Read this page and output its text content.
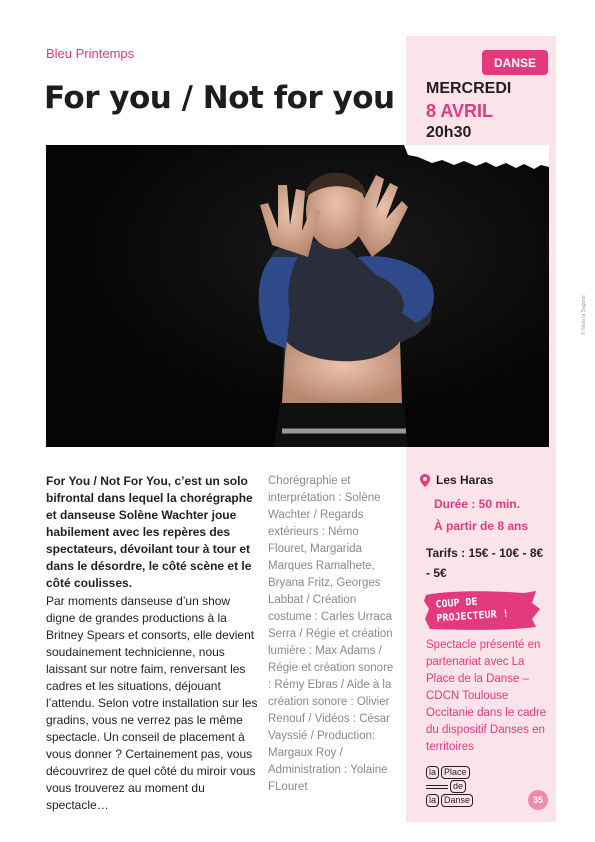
Bleu Printemps
For you / Not for you
DANSE
MERCREDI
8 AVRIL
20h30
© Ilaria la Sagone

For You / Not For You, c’est un solo bifrontal dans lequel la chorégraphe et danseuse Solène Wachter joue habilement avec les repères des spectateurs, dévoilant tour à tour et dans le désordre, le côté scène et le côté coulisses.

Par moments danseuse d’un show digne de grandes productions à la Britney Spears et consorts, elle devient soudainement technicienne, nous laissant sur notre faim, renversant les cadres et les situations, déjouant l’attendu. Selon votre installation sur les gradins, vous ne verrez pas le même spectacle. Un conseil de placement à vous donner ? Certainement pas, vous découvrirez de quel côté du miroir vous vous trouverez au moment du spectacle…

Chorégraphie et interprétation : Solène Wachter / Regards extérieurs : Némo Flouret, Margarida Marques Ramalhete, Bryana Fritz, Georges Labbat / Création costume : Carles Urraca Serra / Régie et création lumière : Max Adams / Régie et création sonore : Rémy Ebras / Aide à la création sonore : Olivier Renouf / Vidéos : César Vayssié / Production: Margaux Roy / Administration : Yolaine FLouret

Les Haras
Durée : 50 min.
À partir de 8 ans
Tarifs : 15€ - 10€ - 8€ - 5€
COUP DE
PROJECTEUR !

Spectacle présenté en partenariat avec La Place de la Danse – CDCN Toulouse Occitanie dans le cadre du dispositif Danses en territoires

la Place
de
la Danse	35
